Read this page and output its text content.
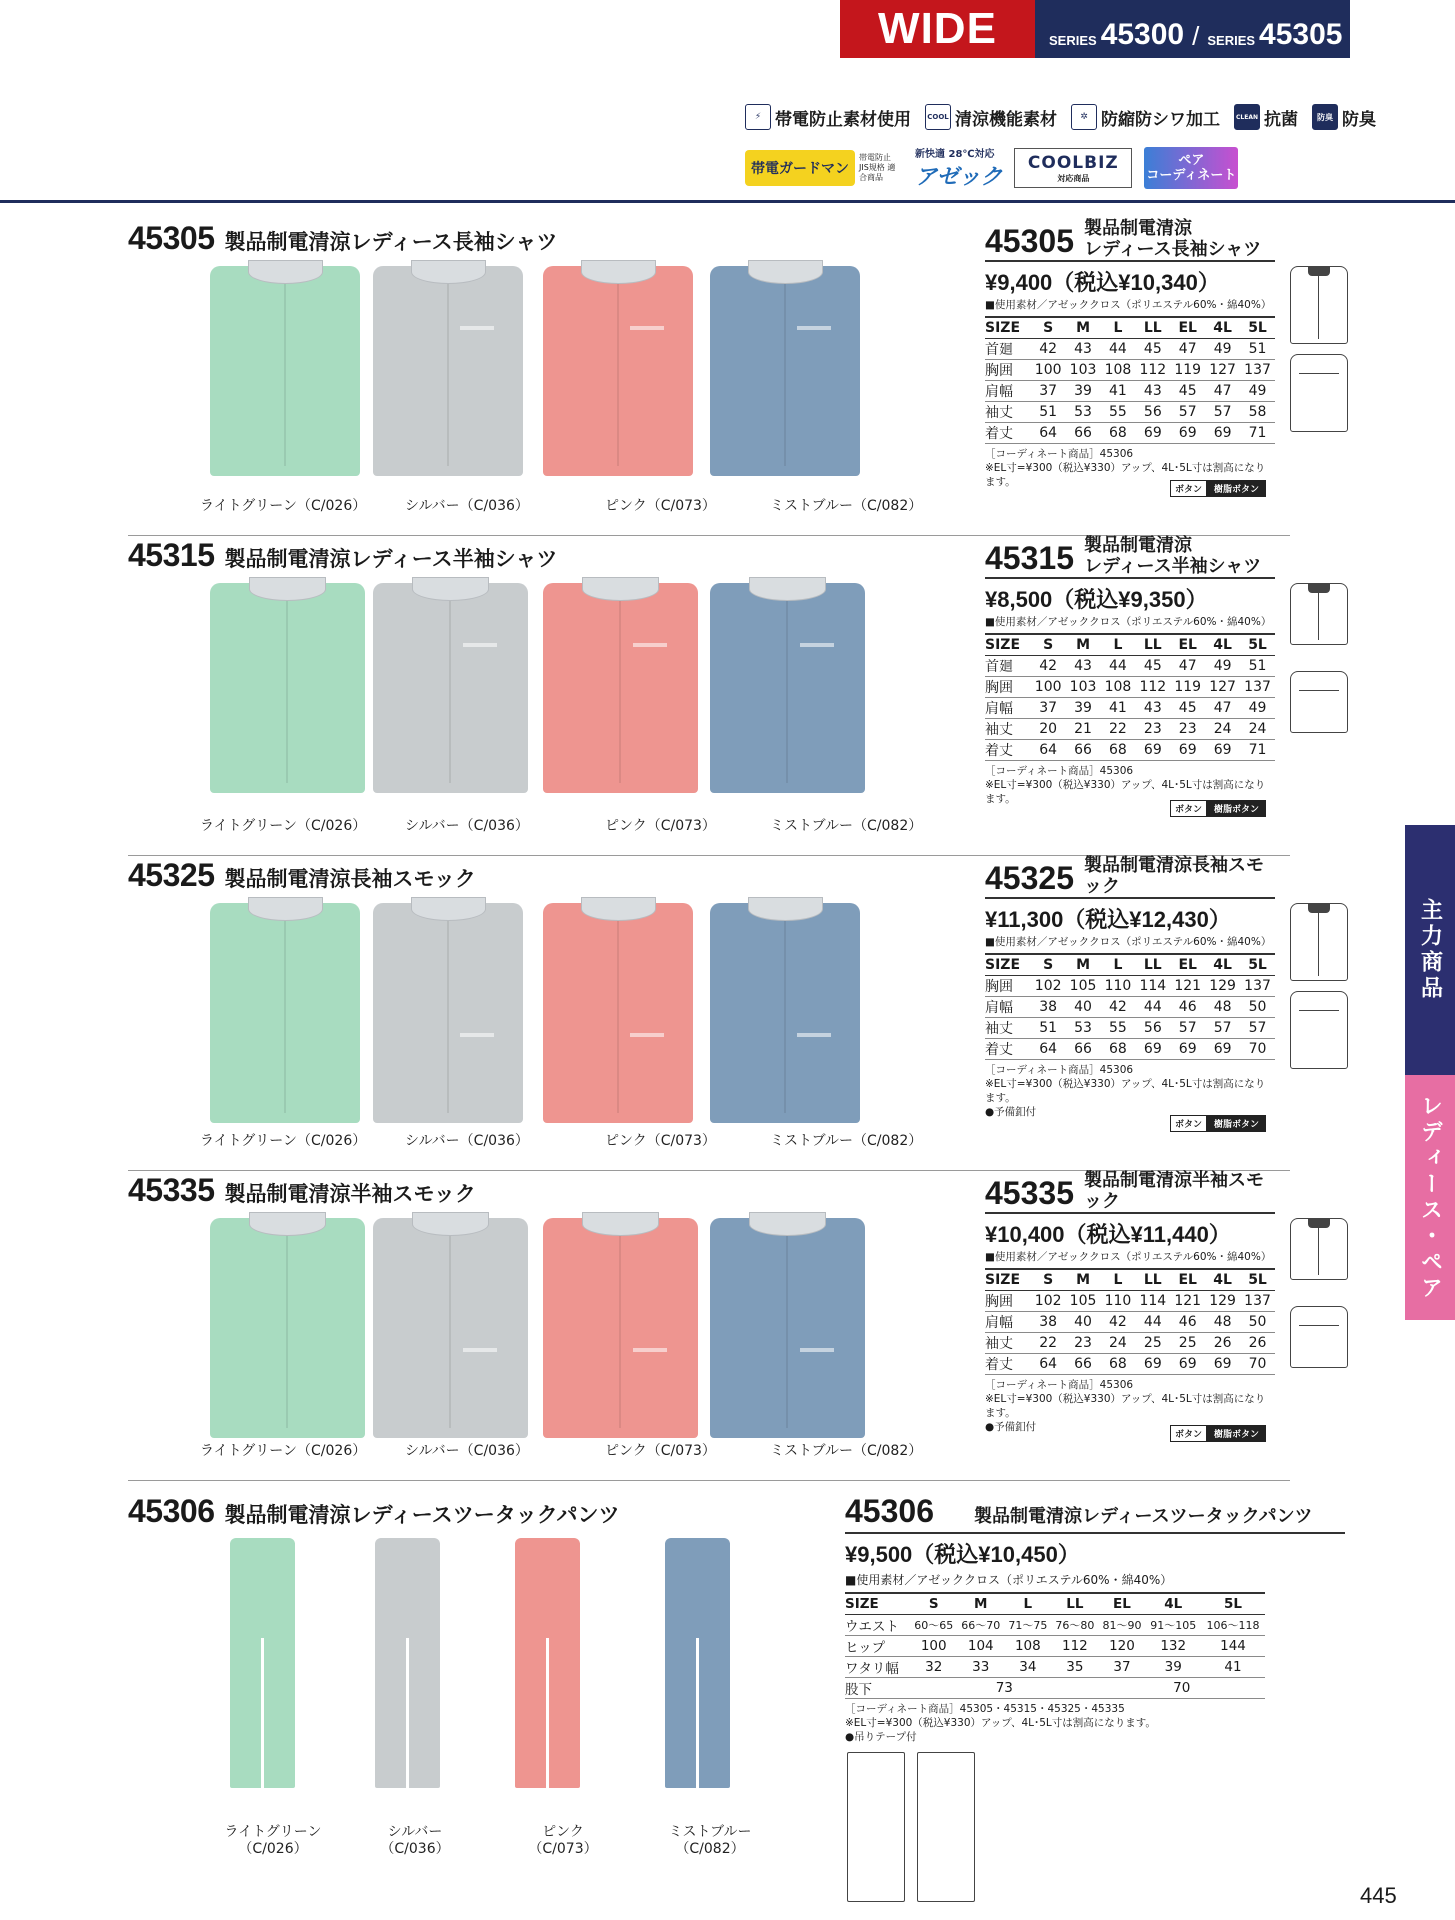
WIDE	SERIES 45300 / SERIES 45305
⚡ 帯電防止素材使用	COOL 清涼機能素材	✲ 防縮防シワ加工	CLEAN 抗菌	防臭 防臭
帯電ガードマン
帯電防止 JIS規格 適合商品
新快適 28℃対応
アゼック
COOLBIZ
対応商品
ペア
コーディネート
主力商品
レディース・ペア
45305 製品制電清涼レディース長袖シャツ
ライトグリーン（C/026）	シルバー（C/036）	ピンク（C/073）	ミストブルー（C/082）
45305 製品制電清涼
レディース長袖シャツ
¥9,400（税込¥10,340）
■使用素材／アゼッククロス（ポリエステル60%・綿40%）
SIZE	S	M	L	LL	EL	4L	5L
首廻	42	43	44	45	47	49	51
胸囲	100	103	108	112	119	127	137
肩幅	37	39	41	43	45	47	49
袖丈	51	53	55	56	57	57	58
着丈	64	66	68	69	69	69	71
［コーディネート商品］45306
※EL寸=¥300（税込¥330）アップ、4L･5L寸は割高になります。
ボタン	樹脂ボタン
45315 製品制電清涼レディース半袖シャツ
ライトグリーン（C/026）	シルバー（C/036）	ピンク（C/073）	ミストブルー（C/082）
45315 製品制電清涼
レディース半袖シャツ
¥8,500（税込¥9,350）
■使用素材／アゼッククロス（ポリエステル60%・綿40%）
SIZE	S	M	L	LL	EL	4L	5L
首廻	42	43	44	45	47	49	51
胸囲	100	103	108	112	119	127	137
肩幅	37	39	41	43	45	47	49
袖丈	20	21	22	23	23	24	24
着丈	64	66	68	69	69	69	71
［コーディネート商品］45306
※EL寸=¥300（税込¥330）アップ、4L･5L寸は割高になります。
ボタン	樹脂ボタン
45325 製品制電清涼長袖スモック
ライトグリーン（C/026）	シルバー（C/036）	ピンク（C/073）	ミストブルー（C/082）
45325 製品制電清涼長袖スモック
¥11,300（税込¥12,430）
■使用素材／アゼッククロス（ポリエステル60%・綿40%）
SIZE	S	M	L	LL	EL	4L	5L
胸囲	102	105	110	114	121	129	137
肩幅	38	40	42	44	46	48	50
袖丈	51	53	55	56	57	57	57
着丈	64	66	68	69	69	69	70
［コーディネート商品］45306
※EL寸=¥300（税込¥330）アップ、4L･5L寸は割高になります。
●予備釦付
ボタン	樹脂ボタン
45335 製品制電清涼半袖スモック
ライトグリーン（C/026）	シルバー（C/036）	ピンク（C/073）	ミストブルー（C/082）
45335 製品制電清涼半袖スモック
¥10,400（税込¥11,440）
■使用素材／アゼッククロス（ポリエステル60%・綿40%）
SIZE	S	M	L	LL	EL	4L	5L
胸囲	102	105	110	114	121	129	137
肩幅	38	40	42	44	46	48	50
袖丈	22	23	24	25	25	26	26
着丈	64	66	68	69	69	69	70
［コーディネート商品］45306
※EL寸=¥300（税込¥330）アップ、4L･5L寸は割高になります。
●予備釦付
ボタン	樹脂ボタン
45306 製品制電清涼レディースツータックパンツ
ライトグリーン
（C/026）
シルバー
（C/036）
ピンク
（C/073）
ミストブルー
（C/082）
45306 製品制電清涼レディースツータックパンツ
¥9,500（税込¥10,450）
■使用素材／アゼッククロス（ポリエステル60%・綿40%）
SIZE	S	M	L	LL	EL	4L	5L
ウエスト	60～65	66～70	71～75	76～80	81～90	91～105	106～118
ヒップ	100	104	108	112	120	132	144
ワタリ幅	32	33	34	35	37	39	41
股下	73				70		
［コーディネート商品］45305・45315・45325・45335
※EL寸=¥300（税込¥330）アップ、4L･5L寸は割高になります。
●吊りテープ付
445
